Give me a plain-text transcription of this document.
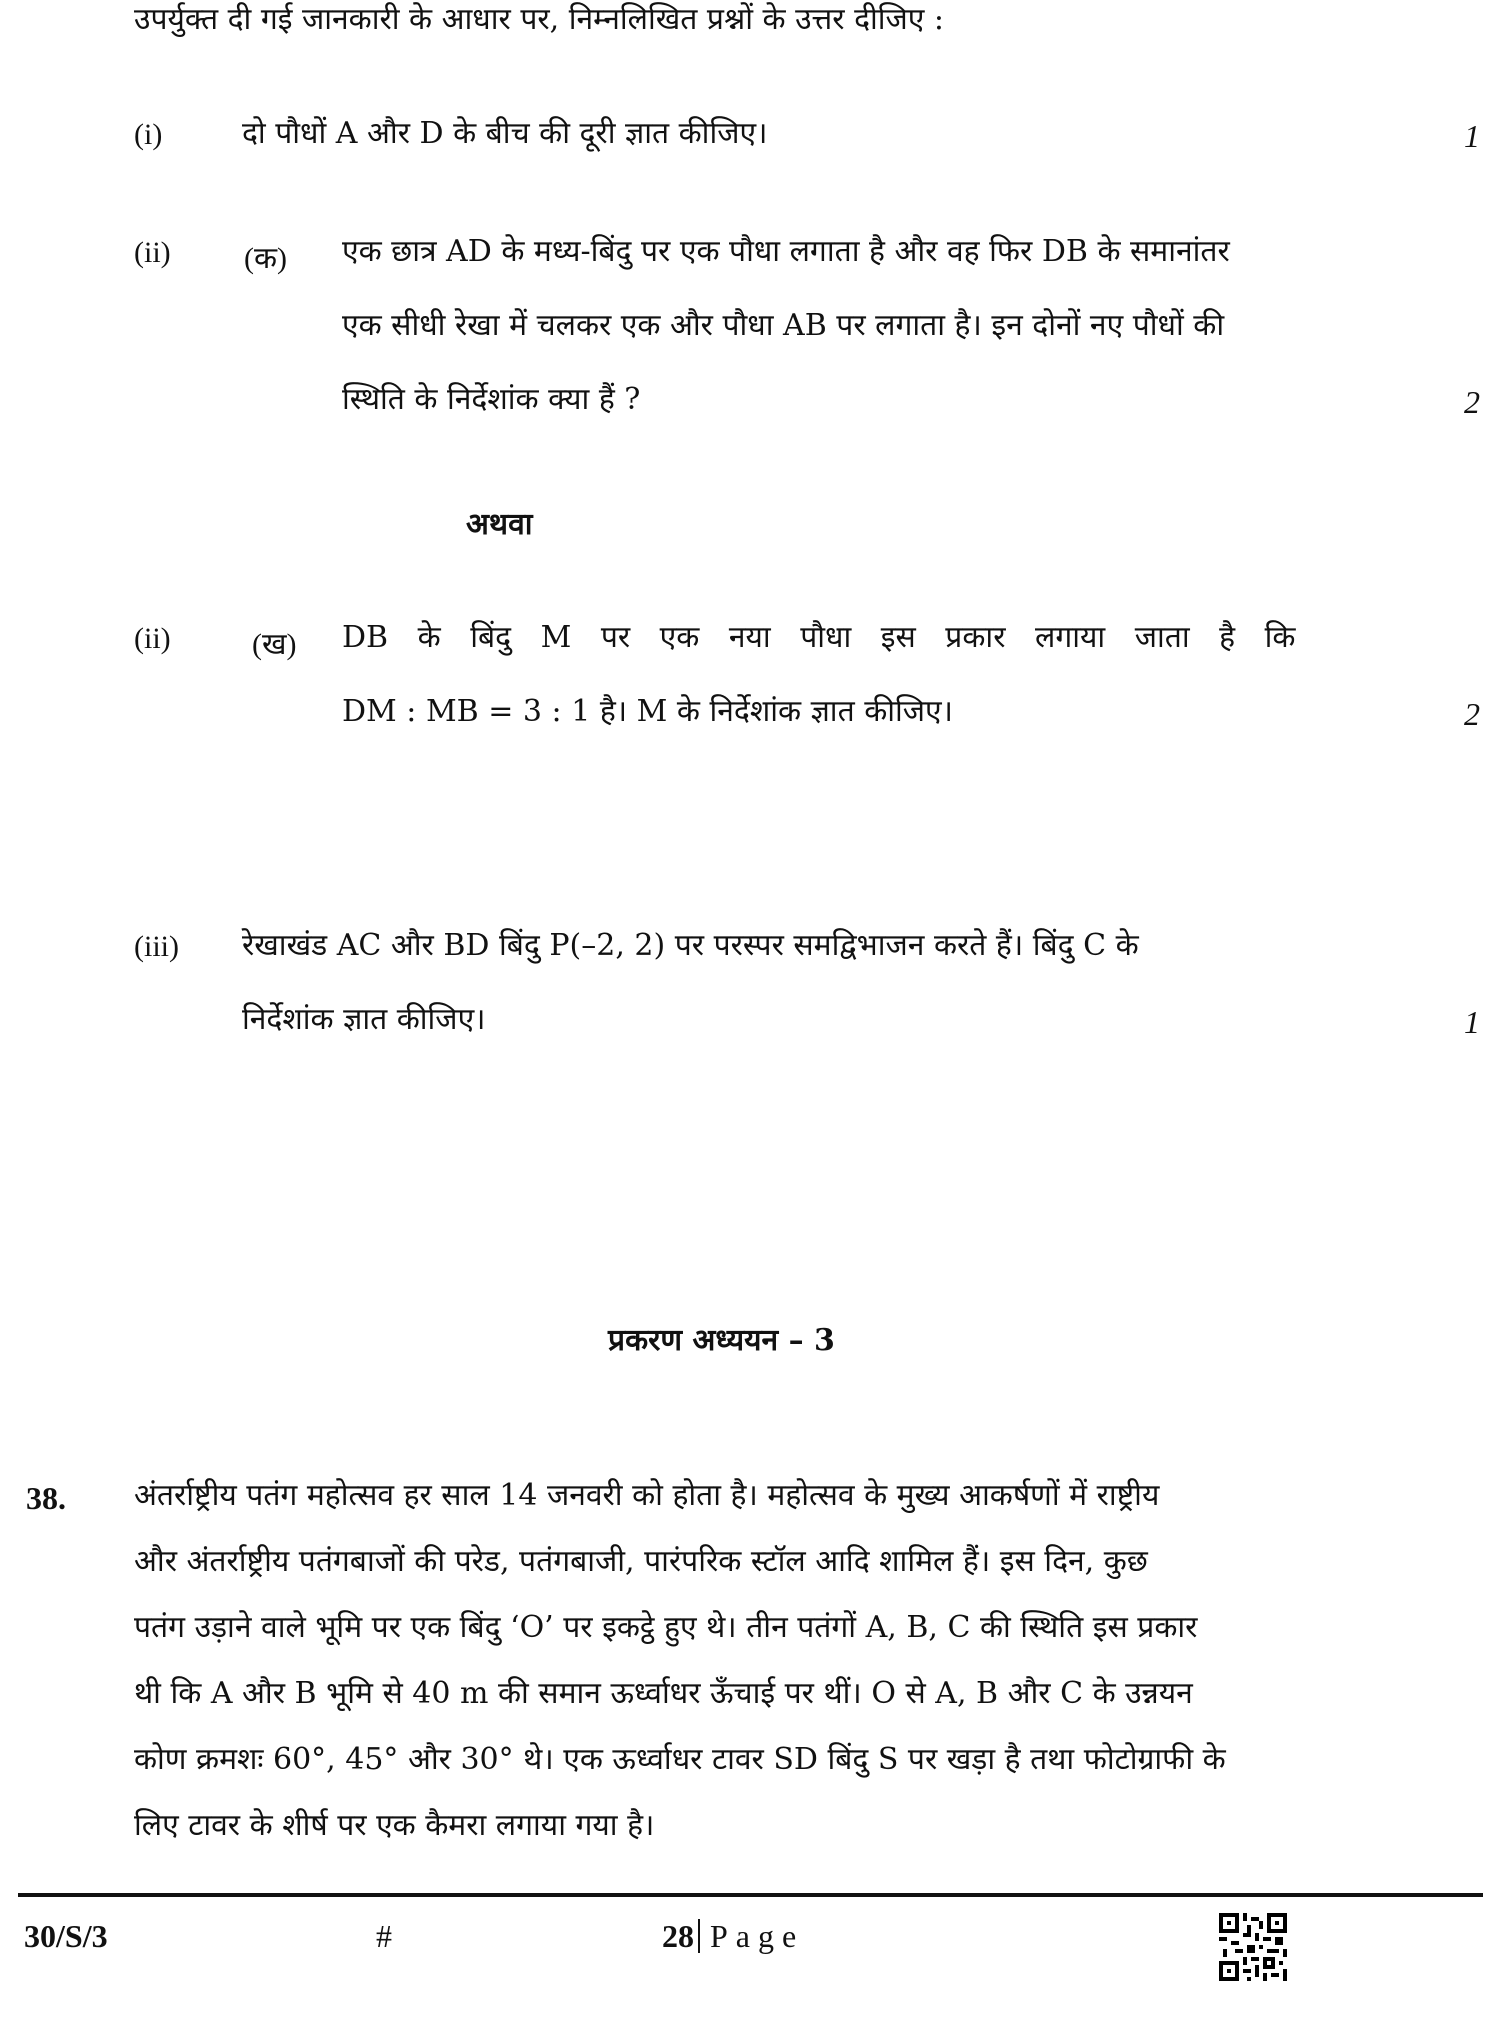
उपर्युक्त दी गई जानकारी के आधार पर, निम्नलिखित प्रश्नों के उत्तर दीजिए :
(i)	दो पौधों A और D के बीच की दूरी ज्ञात कीजिए।	1
(ii) (क) एक छात्र AD के मध्य-बिंदु पर एक पौधा लगाता है और वह फिर DB के समानांतर
एक सीधी रेखा में चलकर एक और पौधा AB पर लगाता है। इन दोनों नए पौधों की
स्थिति के निर्देशांक क्या हैं ?	2
अथवा
(ii)	(ख) DB के बिंदु M पर एक नया पौधा इस प्रकार लगाया जाता है कि
DM : MB = 3 : 1 है। M के निर्देशांक ज्ञात कीजिए।	2
(iii) रेखाखंड AC और BD बिंदु P(–2, 2) पर परस्पर समद्विभाजन करते हैं। बिंदु C के
निर्देशांक ज्ञात कीजिए।	1
प्रकरण अध्ययन – 3
38. अंतर्राष्ट्रीय पतंग महोत्सव हर साल 14 जनवरी को होता है। महोत्सव के मुख्य आकर्षणों में राष्ट्रीय
और अंतर्राष्ट्रीय पतंगबाजों की परेड, पतंगबाजी, पारंपरिक स्टॉल आदि शामिल हैं। इस दिन, कुछ
पतंग उड़ाने वाले भूमि पर एक बिंदु ‘O’ पर इकट्ठे हुए थे। तीन पतंगों A, B, C की स्थिति इस प्रकार
थी कि A और B भूमि से 40 m की समान ऊर्ध्वाधर ऊँचाई पर थीं। O से A, B और C के उन्नयन
कोण क्रमशः 60°, 45° और 30° थे। एक ऊर्ध्वाधर टावर SD बिंदु S पर खड़ा है तथा फोटोग्राफी के
लिए टावर के शीर्ष पर एक कैमरा लगाया गया है।
30/S/3	#	28 Page
